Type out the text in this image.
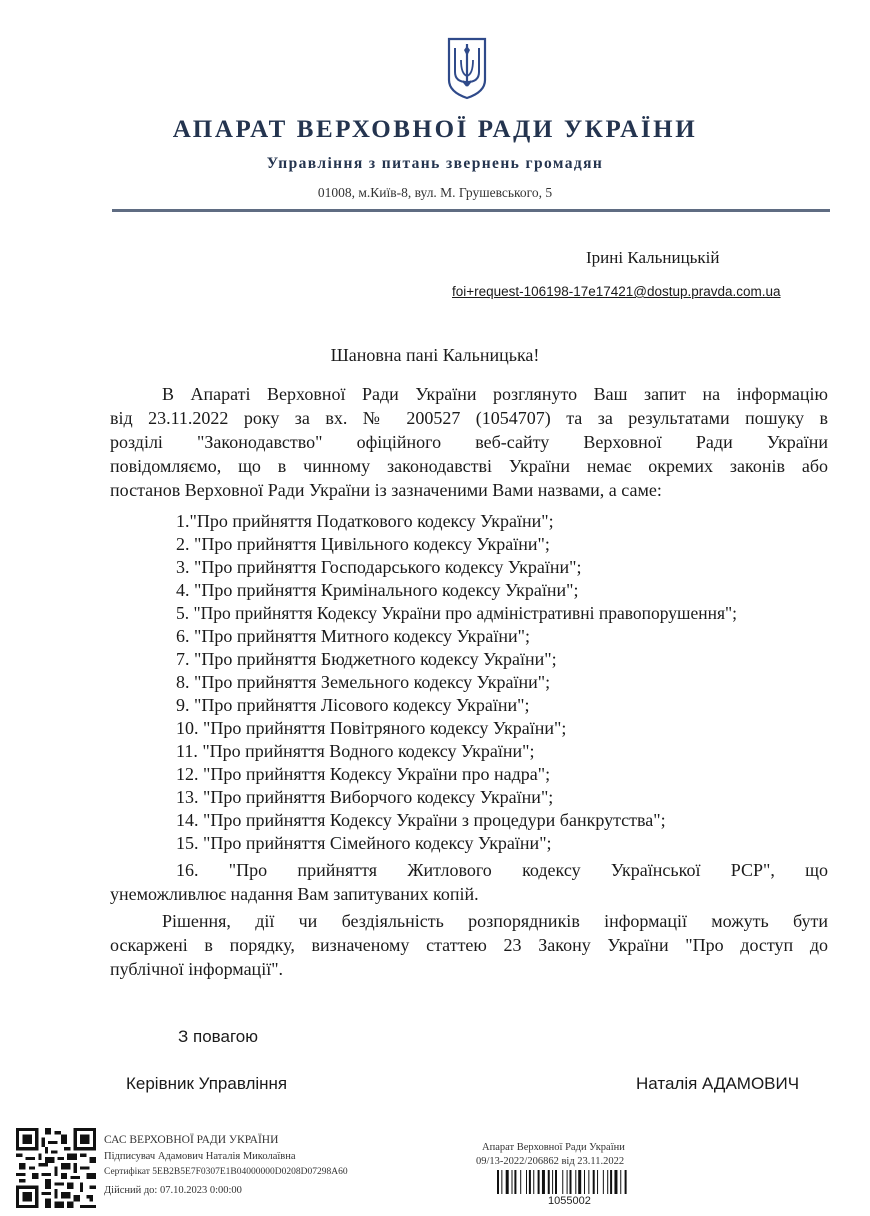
АПАРАТ ВЕРХОВНОЇ РАДИ УКРАЇНИ
Управління з питань звернень громадян
01008, м.Київ-8, вул. М. Грушевського, 5
Ірині Кальницькій
foi+request-106198-17e17421@dostup.pravda.com.ua
Шановна пані Кальницька!
В Апараті Верховної Ради України розглянуто Ваш запит на інформацію
від 23.11.2022 року за вх. № 200527 (1054707) та за результатами пошуку в
розділі "Законодавство" офіційного веб-сайту Верховної Ради України
повідомляємо, що в чинному законодавстві України немає окремих законів або
постанов Верховної Ради України із зазначеними Вами назвами, а саме:
1."Про прийняття Податкового кодексу України";
2. "Про прийняття Цивільного кодексу України";
3. "Про прийняття Господарського кодексу України";
4. "Про прийняття Кримінального кодексу України";
5. "Про прийняття Кодексу України про адміністративні правопорушення";
6. "Про прийняття Митного кодексу України";
7. "Про прийняття Бюджетного кодексу України";
8. "Про прийняття Земельного кодексу України";
9. "Про прийняття Лісового кодексу України";
10. "Про прийняття Повітряного кодексу України";
11. "Про прийняття Водного кодексу України";
12. "Про прийняття Кодексу України про надра";
13. "Про прийняття Виборчого кодексу України";
14. "Про прийняття Кодексу України з процедури банкрутства";
15. "Про прийняття Сімейного кодексу України";
16. "Про прийняття Житлового кодексу Української РСР", що
унеможливлює надання Вам запитуваних копій.
Рішення, дії чи бездіяльність розпорядників інформації можуть бути
оскаржені в порядку, визначеному статтею 23 Закону України "Про доступ до
публічної інформації".
З повагою
Керівник Управління	Наталія АДАМОВИЧ
САС ВЕРХОВНОЇ РАДИ УКРАЇНИ
Підписувач Адамович Наталія Миколаївна
Сертифікат 5EB2B5E7F0307E1B04000000D0208D07298A60
Дійсний до: 07.10.2023 0:00:00
Апарат Верховної Ради України
09/13-2022/206862 від 23.11.2022
1055002
